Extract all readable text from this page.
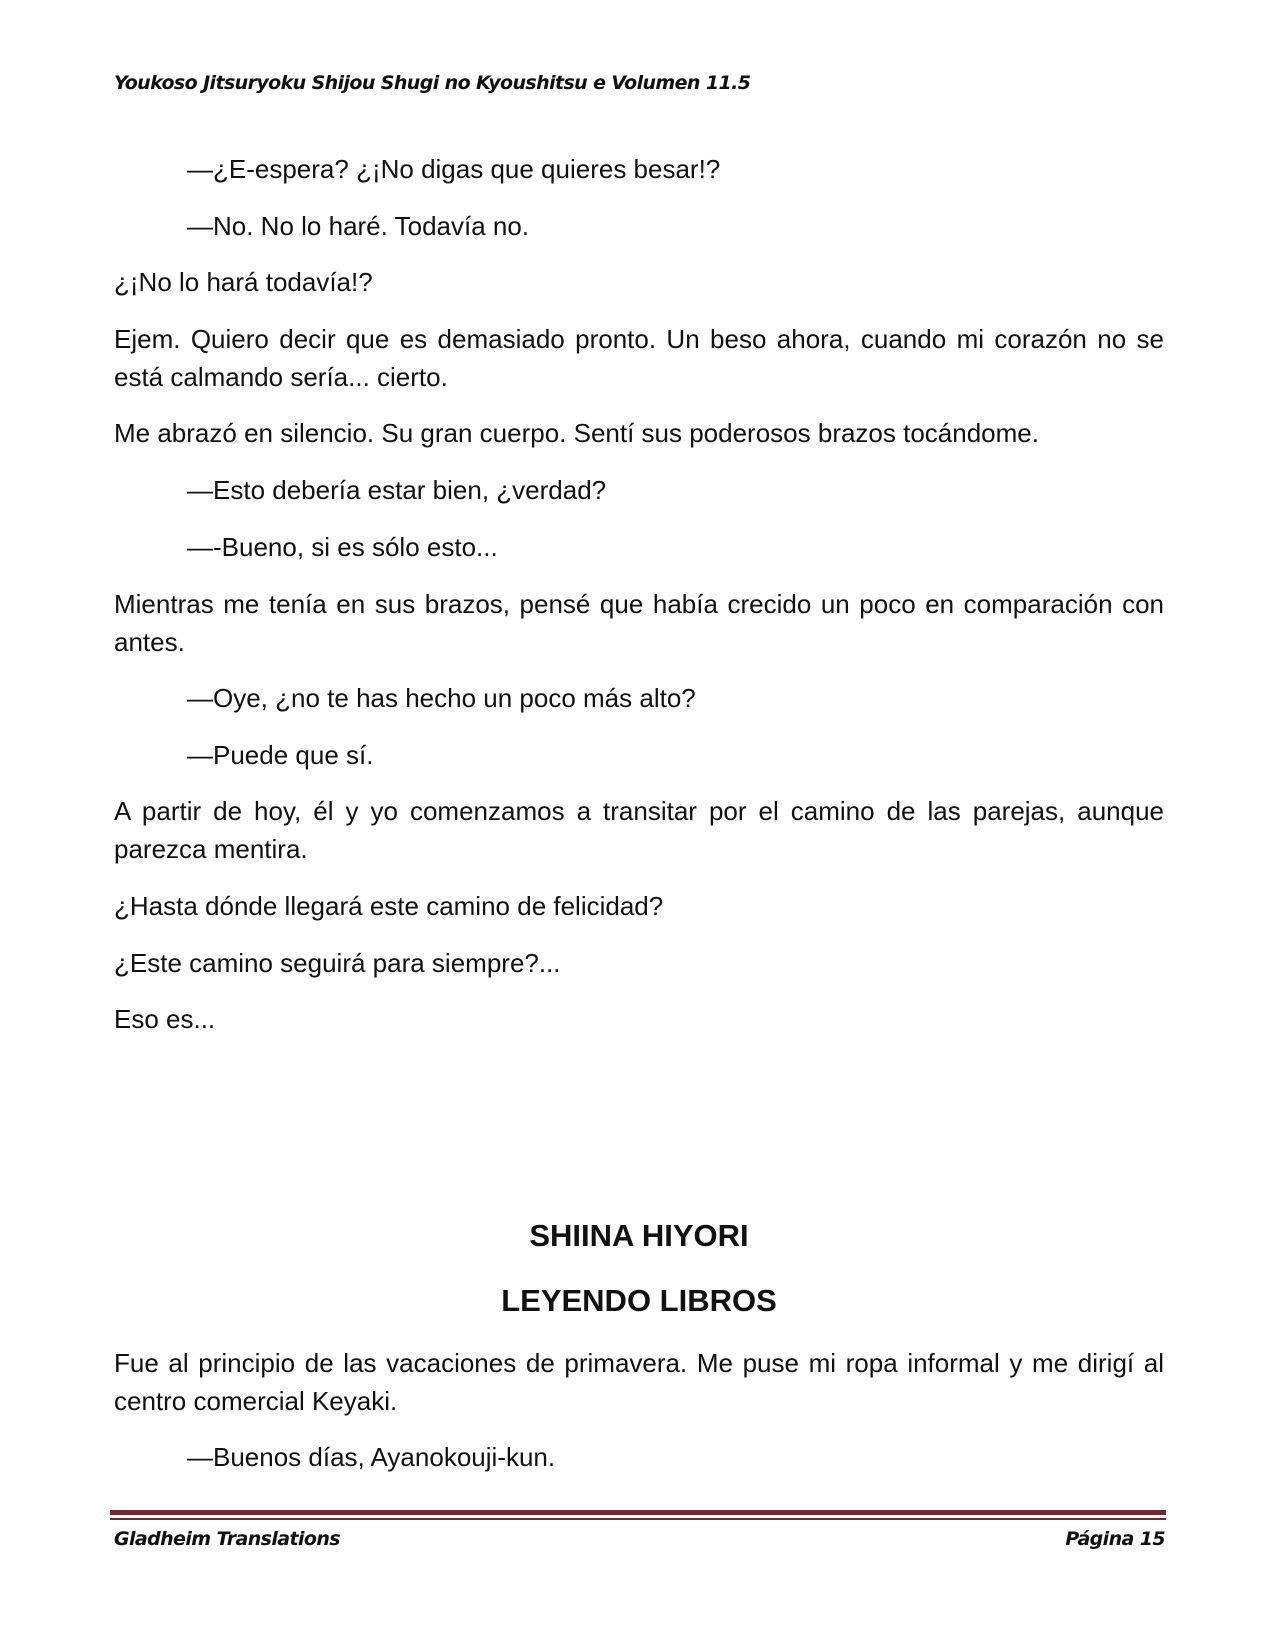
Youkoso Jitsuryoku Shijou Shugi no Kyoushitsu e Volumen 11.5

—¿E-espera? ¿¡No digas que quieres besar!?

—No. No lo haré. Todavía no.

¿¡No lo hará todavía!?

Ejem. Quiero decir que es demasiado pronto. Un beso ahora, cuando mi corazón no se está calmando sería... cierto.

Me abrazó en silencio. Su gran cuerpo. Sentí sus poderosos brazos tocándome.

—Esto debería estar bien, ¿verdad?

—-Bueno, si es sólo esto...

Mientras me tenía en sus brazos, pensé que había crecido un poco en comparación con antes.

—Oye, ¿no te has hecho un poco más alto?

—Puede que sí.

A partir de hoy, él y yo comenzamos a transitar por el camino de las parejas, aunque parezca mentira.

¿Hasta dónde llegará este camino de felicidad?

¿Este camino seguirá para siempre?...

Eso es...

SHIINA HIYORI
LEYENDO LIBROS

Fue al principio de las vacaciones de primavera. Me puse mi ropa informal y me dirigí al centro comercial Keyaki.

—Buenos días, Ayanokouji-kun.

Gladheim Translations	Página 15
